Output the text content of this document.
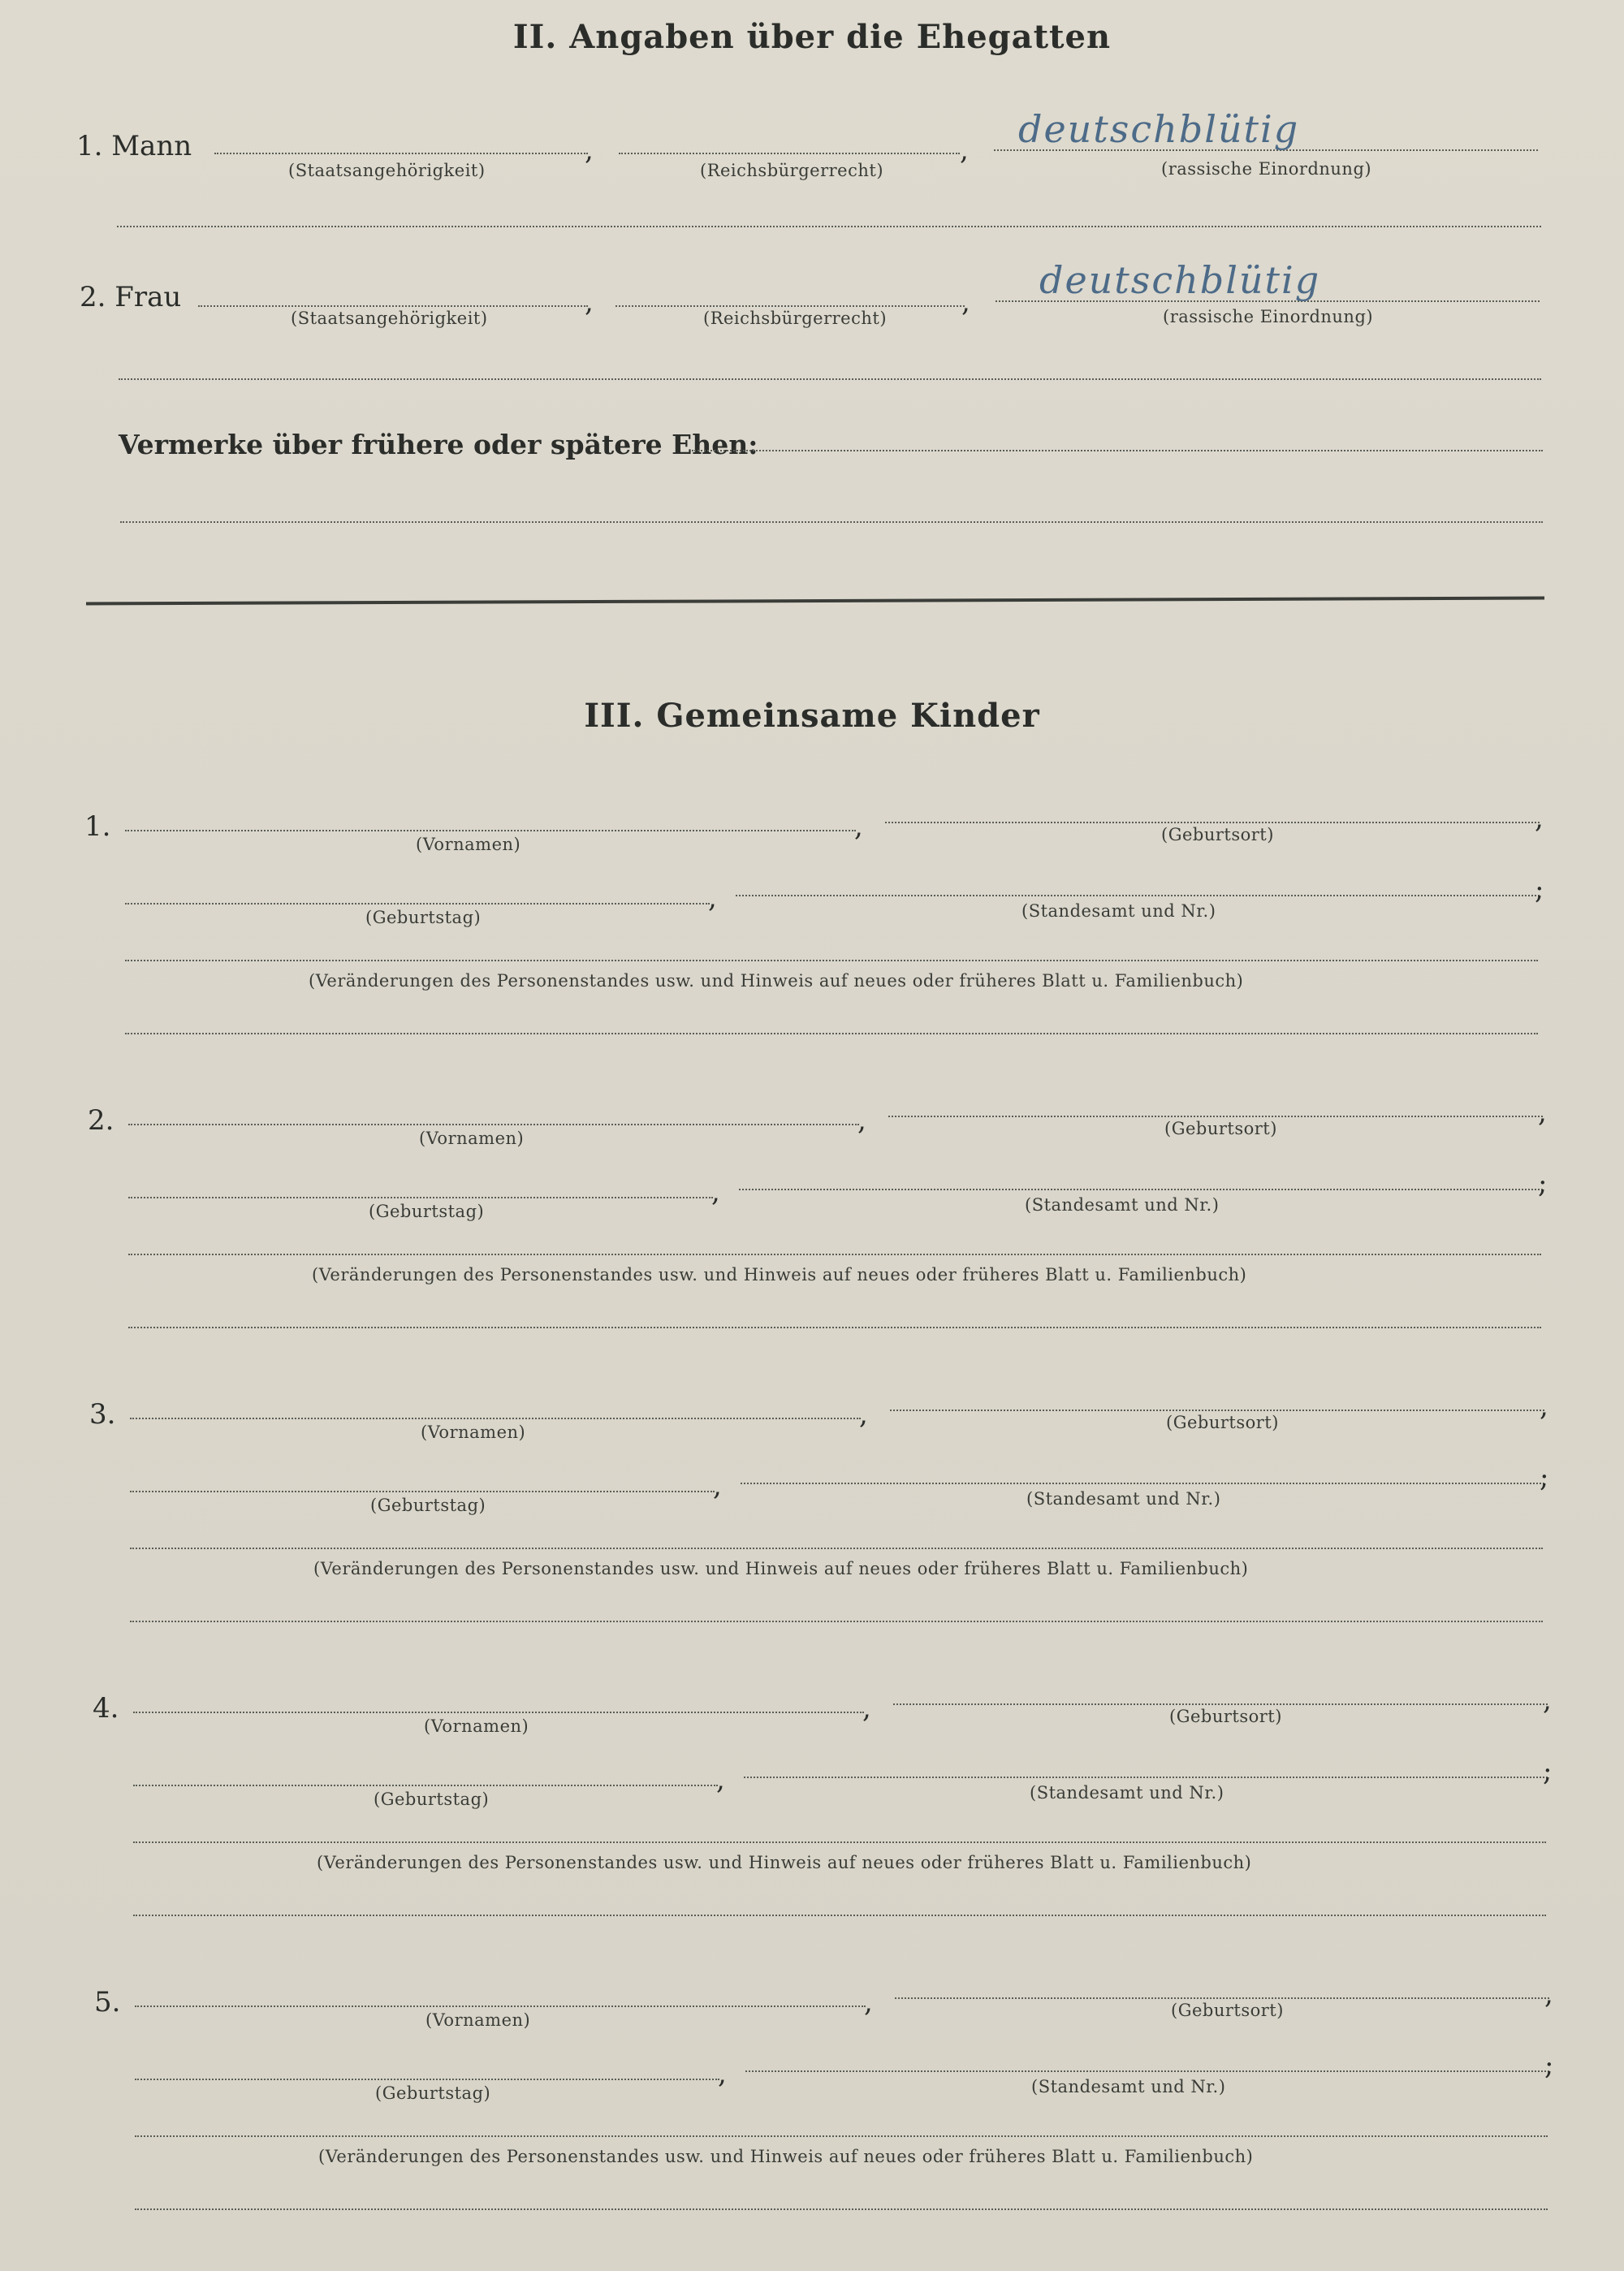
II. Angaben über die Ehegatten
1. Mann	,	, deutschblütig
(Staatsangehörigkeit)	(Reichsbürgerrecht)	(rassische Einordnung)
2. Frau	,	, deutschblütig
(Staatsangehörigkeit)	(Reichsbürgerrecht)	(rassische Einordnung)
Vermerke über frühere oder spätere Ehen:
III. Gemeinsame Kinder
1.	,	,
(Vornamen)	(Geburtsort)
,	;
(Geburtstag)	(Standesamt und Nr.)
(Veränderungen des Personenstandes usw. und Hinweis auf neues oder früheres Blatt u. Familienbuch)
2.	,	,
(Vornamen)	(Geburtsort)
,	;
(Geburtstag)	(Standesamt und Nr.)
(Veränderungen des Personenstandes usw. und Hinweis auf neues oder früheres Blatt u. Familienbuch)
3.	,	,
(Vornamen)	(Geburtsort)
,	;
(Geburtstag)	(Standesamt und Nr.)
(Veränderungen des Personenstandes usw. und Hinweis auf neues oder früheres Blatt u. Familienbuch)
4.	,	,
(Vornamen)	(Geburtsort)
,	;
(Geburtstag)	(Standesamt und Nr.)
(Veränderungen des Personenstandes usw. und Hinweis auf neues oder früheres Blatt u. Familienbuch)
5.	,	,
(Vornamen)	(Geburtsort)
,	;
(Geburtstag)	(Standesamt und Nr.)
(Veränderungen des Personenstandes usw. und Hinweis auf neues oder früheres Blatt u. Familienbuch)
